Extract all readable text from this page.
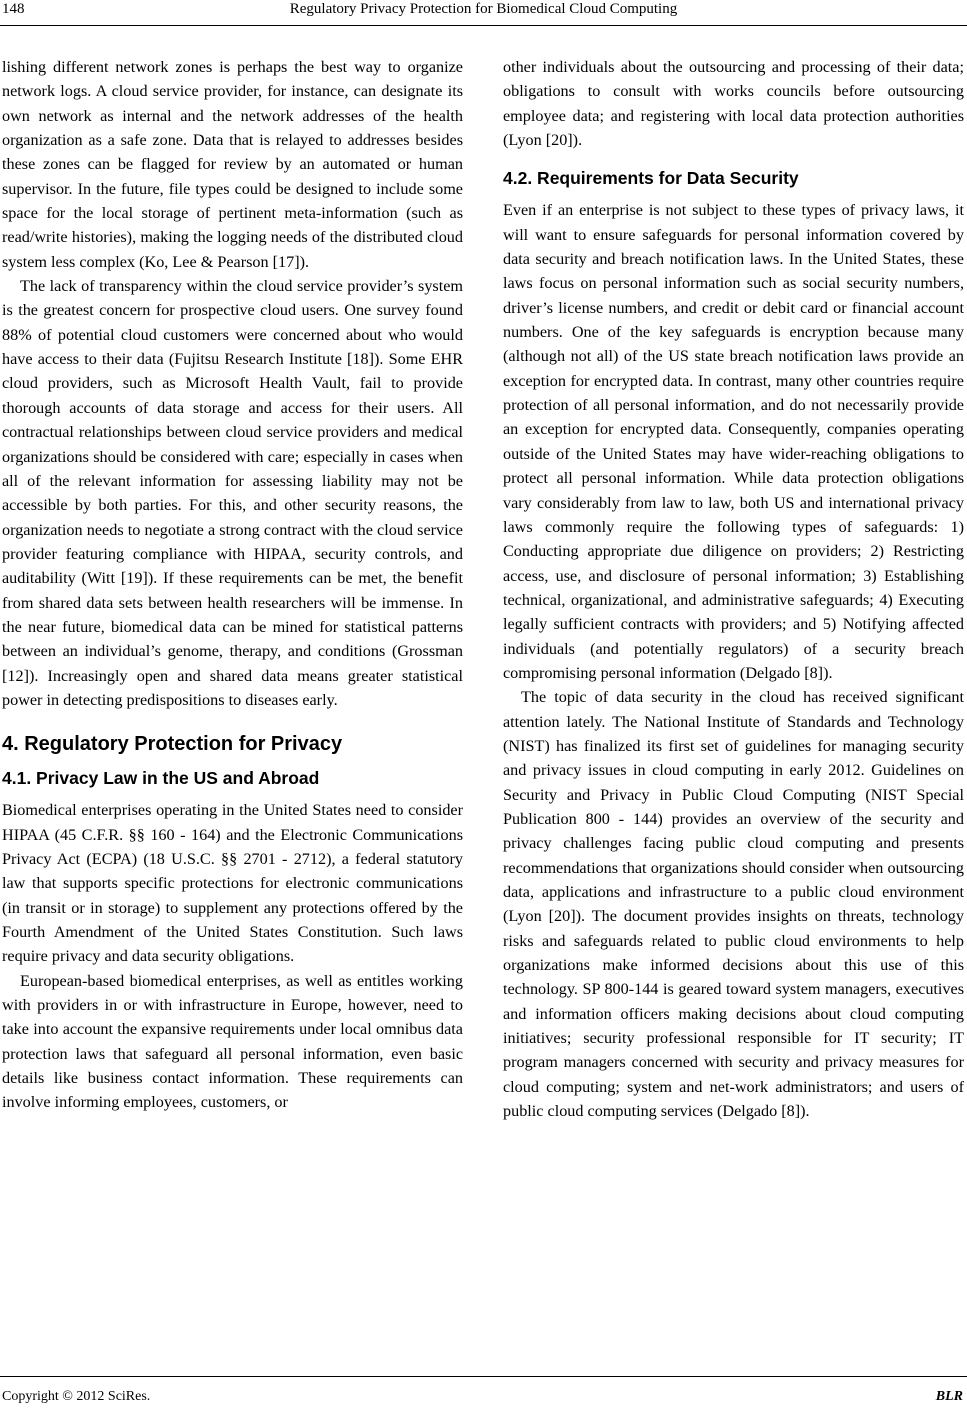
148	Regulatory Privacy Protection for Biomedical Cloud Computing

lishing different network zones is perhaps the best way to organize network logs. A cloud service provider, for instance, can designate its own network as internal and the network addresses of the health organization as a safe zone. Data that is relayed to addresses besides these zones can be flagged for review by an automated or human supervisor. In the future, file types could be designed to include some space for the local storage of pertinent meta-information (such as read/write histories), making the logging needs of the distributed cloud system less complex (Ko, Lee & Pearson [17]).

The lack of transparency within the cloud service provider’s system is the greatest concern for prospective cloud users. One survey found 88% of potential cloud customers were concerned about who would have access to their data (Fujitsu Research Institute [18]). Some EHR cloud providers, such as Microsoft Health Vault, fail to provide thorough accounts of data storage and access for their users. All contractual relationships between cloud service providers and medical organizations should be considered with care; especially in cases when all of the relevant information for assessing liability may not be accessible by both parties. For this, and other security reasons, the organization needs to negotiate a strong contract with the cloud service provider featuring compliance with HIPAA, security controls, and auditability (Witt [19]). If these requirements can be met, the benefit from shared data sets between health researchers will be immense. In the near future, biomedical data can be mined for statistical patterns between an individual’s genome, therapy, and conditions (Grossman [12]). Increasingly open and shared data means greater statistical power in detecting predispositions to diseases early.

4. Regulatory Protection for Privacy
4.1. Privacy Law in the US and Abroad

Biomedical enterprises operating in the United States need to consider HIPAA (45 C.F.R. §§ 160 - 164) and the Electronic Communications Privacy Act (ECPA) (18 U.S.C. §§ 2701 - 2712), a federal statutory law that supports specific protections for electronic communications (in transit or in storage) to supplement any protections offered by the Fourth Amendment of the United States Constitution. Such laws require privacy and data security obligations.

European-based biomedical enterprises, as well as entitles working with providers in or with infrastructure in Europe, however, need to take into account the expansive requirements under local omnibus data protection laws that safeguard all personal information, even basic details like business contact information. These requirements can involve informing employees, customers, or

other individuals about the outsourcing and processing of their data; obligations to consult with works councils before outsourcing employee data; and registering with local data protection authorities (Lyon [20]).

4.2. Requirements for Data Security

Even if an enterprise is not subject to these types of privacy laws, it will want to ensure safeguards for personal information covered by data security and breach notification laws. In the United States, these laws focus on personal information such as social security numbers, driver’s license numbers, and credit or debit card or financial account numbers. One of the key safeguards is encryption because many (although not all) of the US state breach notification laws provide an exception for encrypted data. In contrast, many other countries require protection of all personal information, and do not necessarily provide an exception for encrypted data. Consequently, companies operating outside of the United States may have wider-reaching obligations to protect all personal information. While data protection obligations vary considerably from law to law, both US and international privacy laws commonly require the following types of safeguards: 1) Conducting appropriate due diligence on providers; 2) Restricting access, use, and disclosure of personal information; 3) Establishing technical, organizational, and administrative safeguards; 4) Executing legally sufficient contracts with providers; and 5) Notifying affected individuals (and potentially regulators) of a security breach compromising personal information (Delgado [8]).

The topic of data security in the cloud has received significant attention lately. The National Institute of Standards and Technology (NIST) has finalized its first set of guidelines for managing security and privacy issues in cloud computing in early 2012. Guidelines on Security and Privacy in Public Cloud Computing (NIST Special Publication 800 - 144) provides an overview of the security and privacy challenges facing public cloud computing and presents recommendations that organizations should consider when outsourcing data, applications and infrastructure to a public cloud environment (Lyon [20]). The document provides insights on threats, technology risks and safeguards related to public cloud environments to help organizations make informed decisions about this use of this technology. SP 800-144 is geared toward system managers, executives and information officers making decisions about cloud computing initiatives; security professional responsible for IT security; IT program managers concerned with security and privacy measures for cloud computing; system and net-work administrators; and users of public cloud computing services (Delgado [8]).

Copyright © 2012 SciRes.	BLR
